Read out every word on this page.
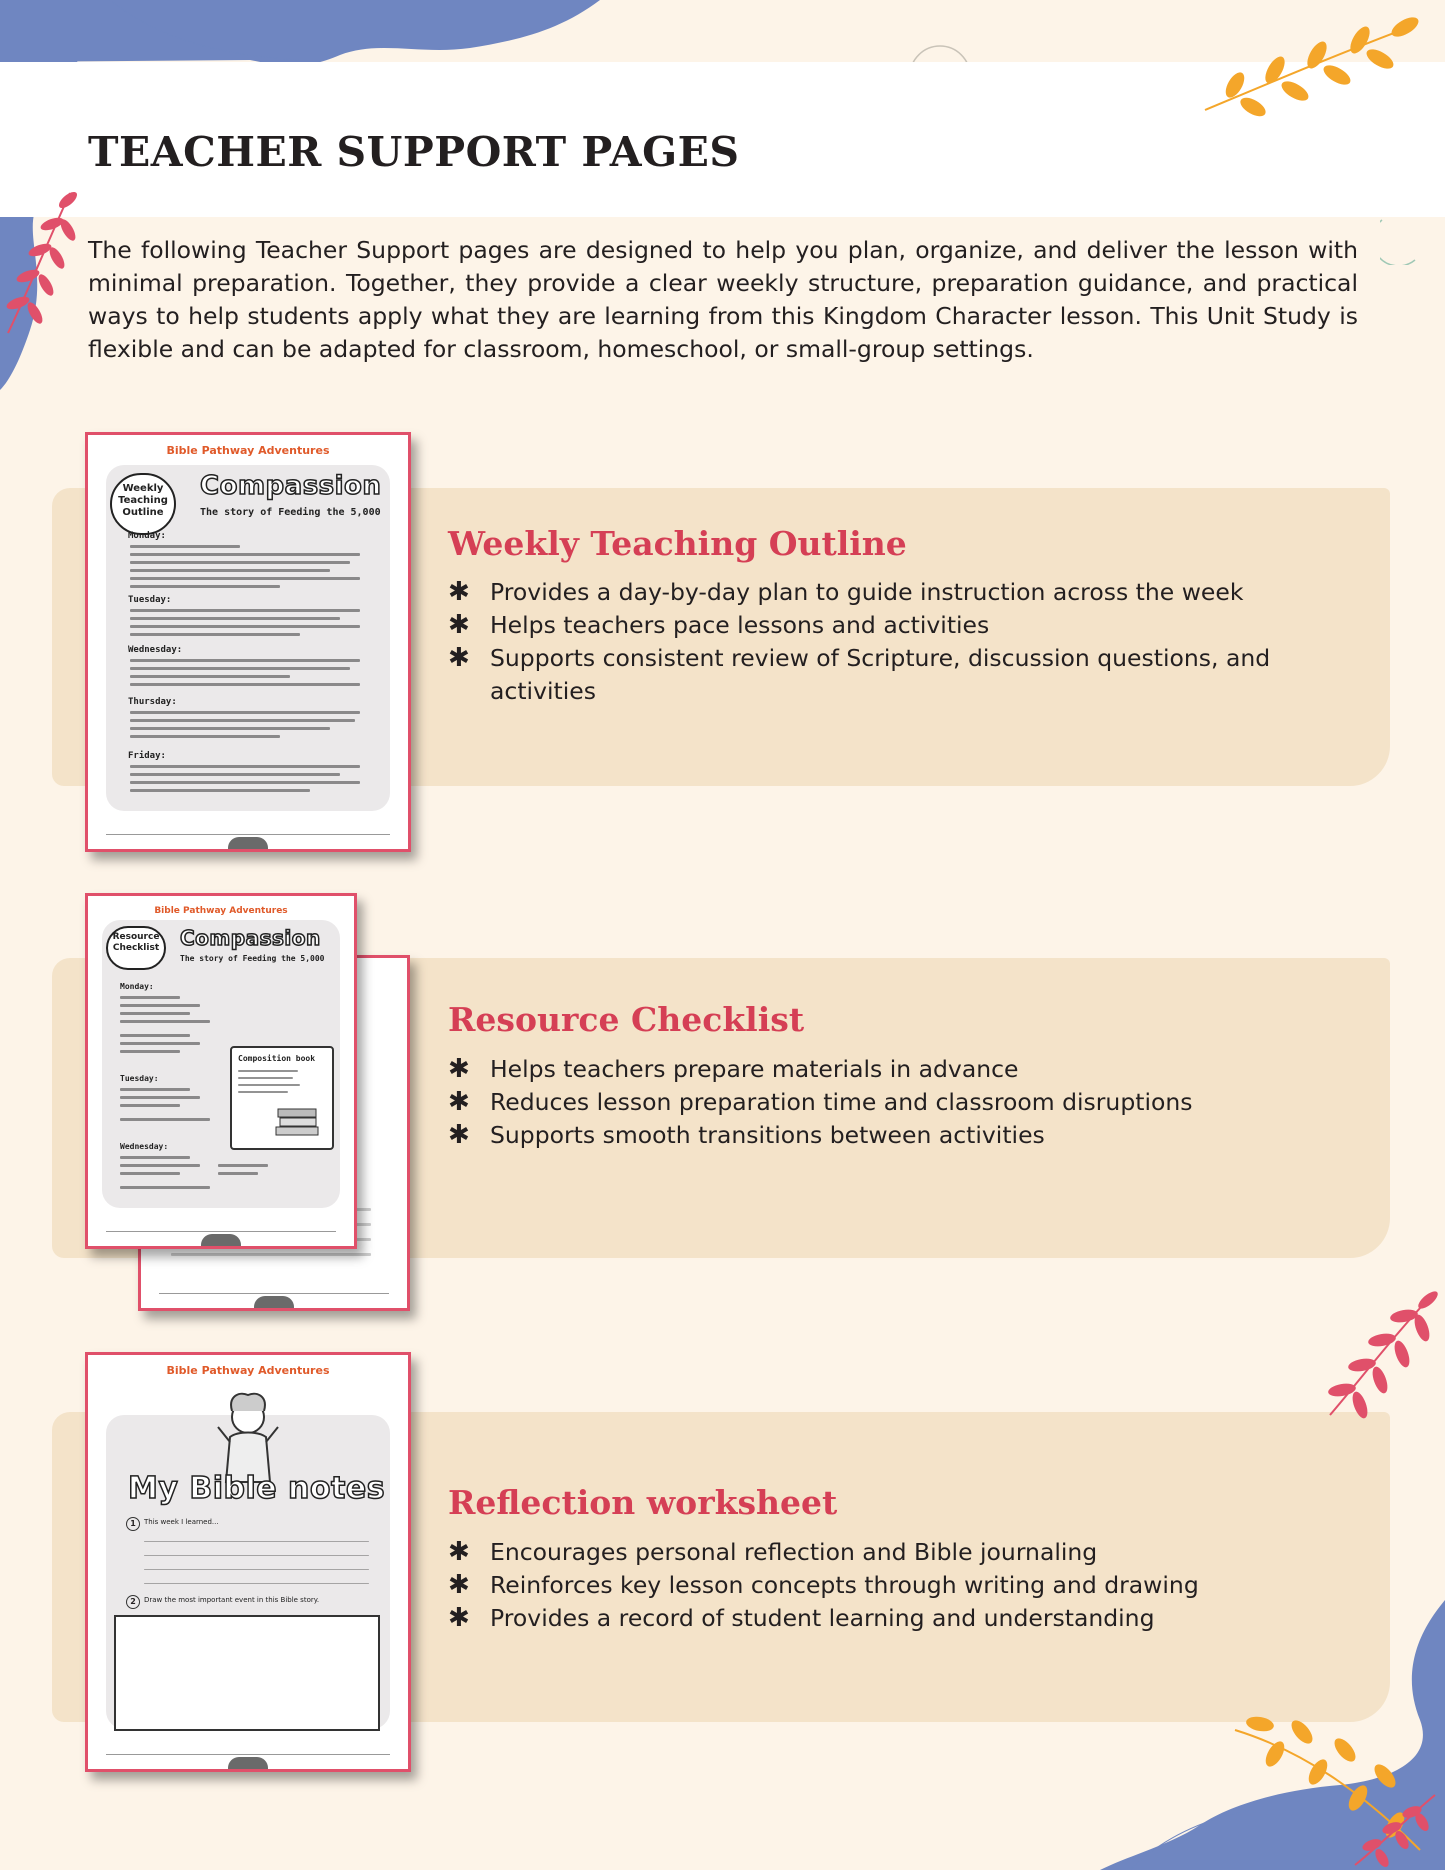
TEACHER SUPPORT PAGES

The following Teacher Support pages are designed to help you plan, organize, and deliver the lesson with minimal preparation. Together, they provide a clear weekly structure, preparation guidance, and practical ways to help students apply what they are learning from this Kingdom Character lesson. This Unit Study is flexible and can be adapted for classroom, homeschool, or small-group settings.

Bible Pathway Adventures
Weekly Teaching Outline
Compassion
The story of Feeding the 5,000
Monday:
Tuesday:
Wednesday:
Thursday:
Friday:
Weekly Teaching Outline
✱ Provides a day-by-day plan to guide instruction across the week
✱ Helps teachers pace lessons and activities
✱ Supports consistent review of Scripture, discussion questions, and activities
Bible Pathway Adventures
Resource Checklist	Compassion
The story of Feeding the 5,000
Monday:
Tuesday:
Wednesday:
Composition book
Resource Checklist
✱ Helps teachers prepare materials in advance
✱ Reduces lesson preparation time and classroom disruptions
✱ Supports smooth transitions between activities
Bible Pathway Adventures
My Bible notes
1	This week I learned...
2	Draw the most important event in this Bible story.
Reflection worksheet
✱ Encourages personal reflection and Bible journaling
✱ Reinforces key lesson concepts through writing and drawing
✱ Provides a record of student learning and understanding
